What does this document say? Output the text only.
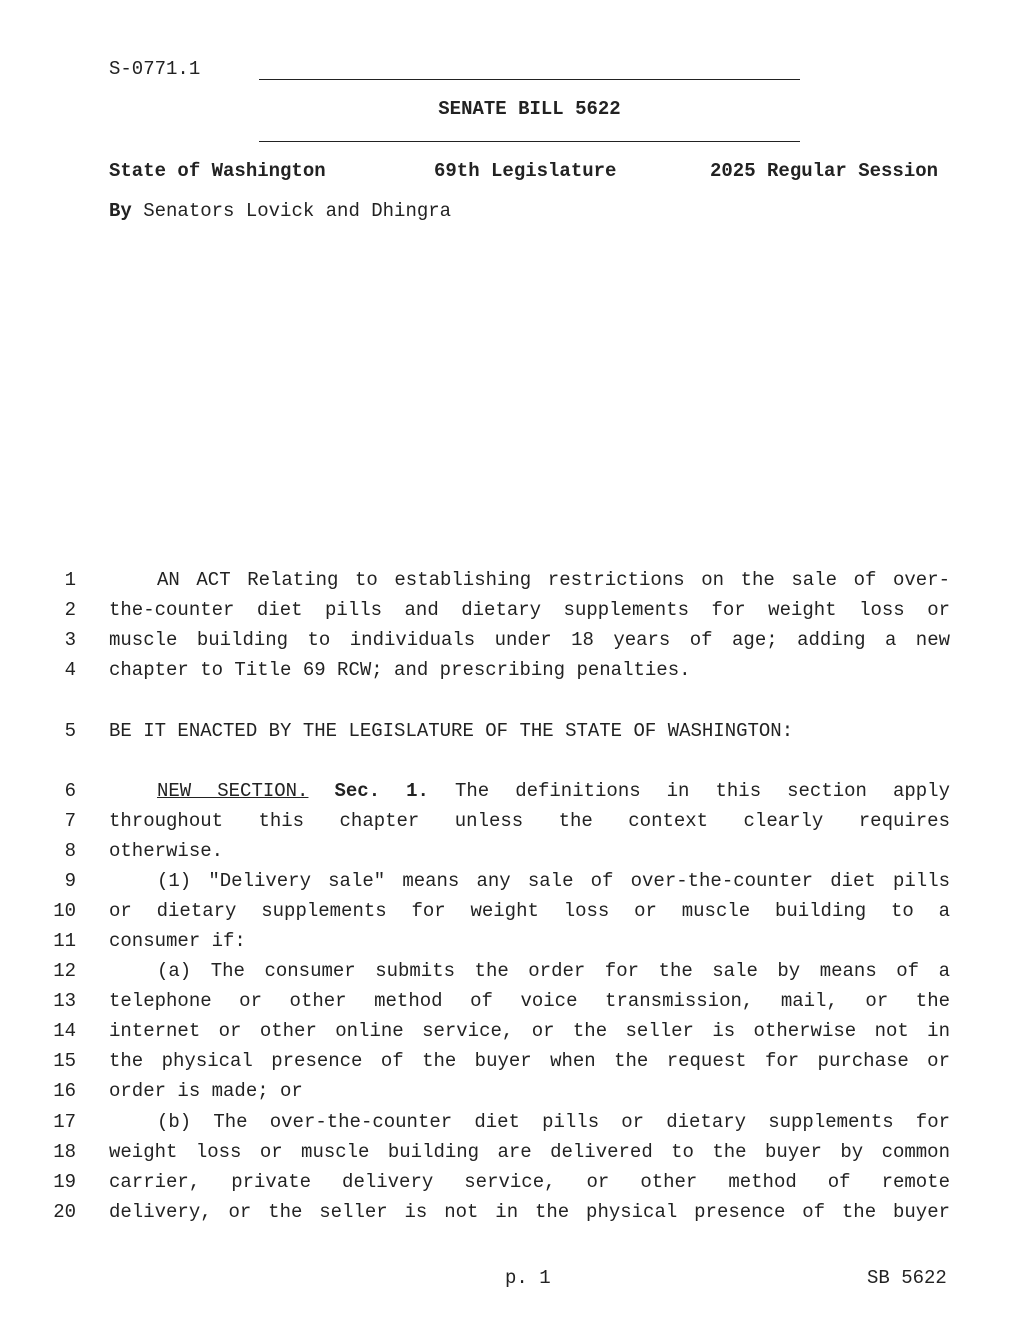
S-0771.1
SENATE BILL 5622
State of Washington	69th Legislature	2025 Regular Session
By Senators Lovick and Dhingra
1	AN ACT Relating to establishing restrictions on the sale of over-
2 the-counter diet pills and dietary supplements for weight loss or
3 muscle building to individuals under 18 years of age; adding a new
4 chapter to Title 69 RCW; and prescribing penalties.
5 BE IT ENACTED BY THE LEGISLATURE OF THE STATE OF WASHINGTON:
6	NEW SECTION. Sec. 1. The definitions in this section apply
7 throughout this chapter unless the context clearly requires
8 otherwise.
9	(1) "Delivery sale" means any sale of over-the-counter diet pills
10 or dietary supplements for weight loss or muscle building to a
11 consumer if:
12	(a) The consumer submits the order for the sale by means of a
13 telephone or other method of voice transmission, mail, or the
14 internet or other online service, or the seller is otherwise not in
15 the physical presence of the buyer when the request for purchase or
16 order is made; or
17	(b) The over-the-counter diet pills or dietary supplements for
18 weight loss or muscle building are delivered to the buyer by common
19 carrier, private delivery service, or other method of remote
20 delivery, or the seller is not in the physical presence of the buyer
p. 1	SB 5622
